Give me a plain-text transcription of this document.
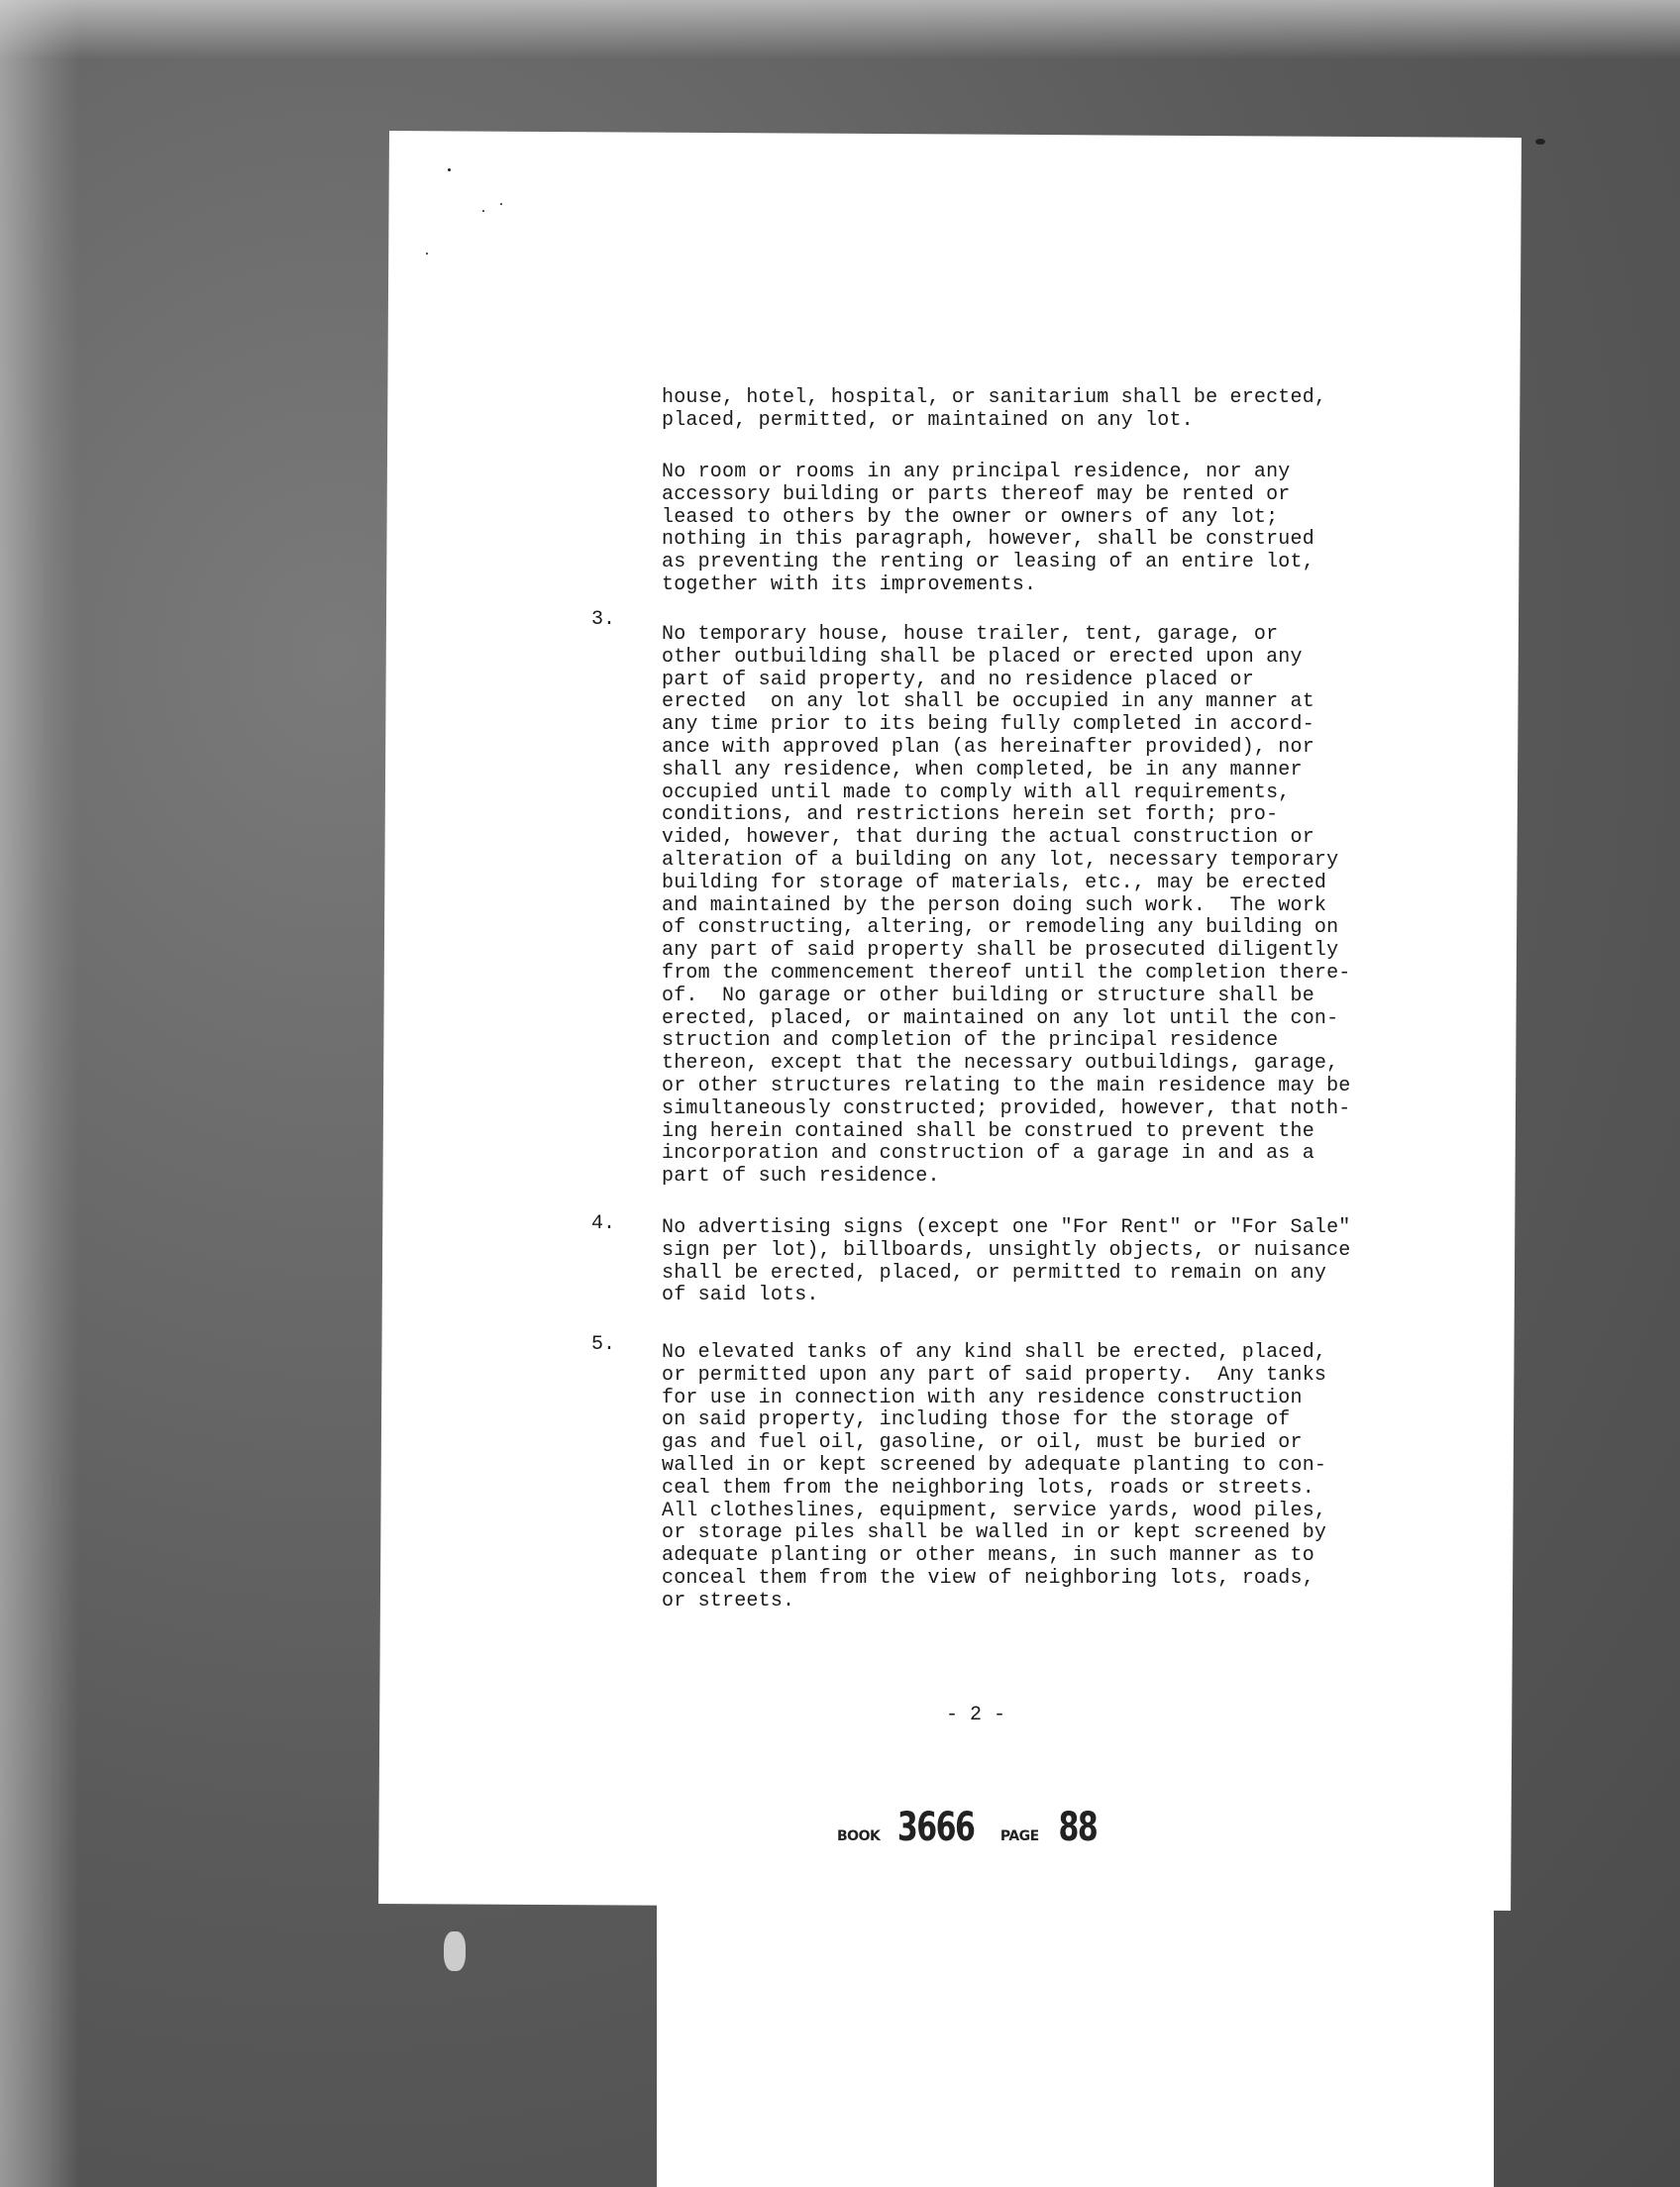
house, hotel, hospital, or sanitarium shall be erected,
placed, permitted, or maintained on any lot.
No room or rooms in any principal residence, nor any
accessory building or parts thereof may be rented or
leased to others by the owner or owners of any lot;
nothing in this paragraph, however, shall be construed
as preventing the renting or leasing of an entire lot,
together with its improvements.
3.
No temporary house, house trailer, tent, garage, or
other outbuilding shall be placed or erected upon any
part of said property, and no residence placed or
erected  on any lot shall be occupied in any manner at
any time prior to its being fully completed in accord-
ance with approved plan (as hereinafter provided), nor
shall any residence, when completed, be in any manner
occupied until made to comply with all requirements,
conditions, and restrictions herein set forth; pro-
vided, however, that during the actual construction or
alteration of a building on any lot, necessary temporary
building for storage of materials, etc., may be erected
and maintained by the person doing such work.  The work
of constructing, altering, or remodeling any building on
any part of said property shall be prosecuted diligently
from the commencement thereof until the completion there-
of.  No garage or other building or structure shall be
erected, placed, or maintained on any lot until the con-
struction and completion of the principal residence
thereon, except that the necessary outbuildings, garage,
or other structures relating to the main residence may be
simultaneously constructed; provided, however, that noth-
ing herein contained shall be construed to prevent the
incorporation and construction of a garage in and as a
part of such residence.
4. No advertising signs (except one "For Rent" or "For Sale"
sign per lot), billboards, unsightly objects, or nuisance
shall be erected, placed, or permitted to remain on any
of said lots.
5. No elevated tanks of any kind shall be erected, placed,
or permitted upon any part of said property.  Any tanks
for use in connection with any residence construction
on said property, including those for the storage of
gas and fuel oil, gasoline, or oil, must be buried or
walled in or kept screened by adequate planting to con-
ceal them from the neighboring lots, roads or streets.
All clotheslines, equipment, service yards, wood piles,
or storage piles shall be walled in or kept screened by
adequate planting or other means, in such manner as to
conceal them from the view of neighboring lots, roads,
or streets.
- 2 -
BOOK 3666 PAGE 88
